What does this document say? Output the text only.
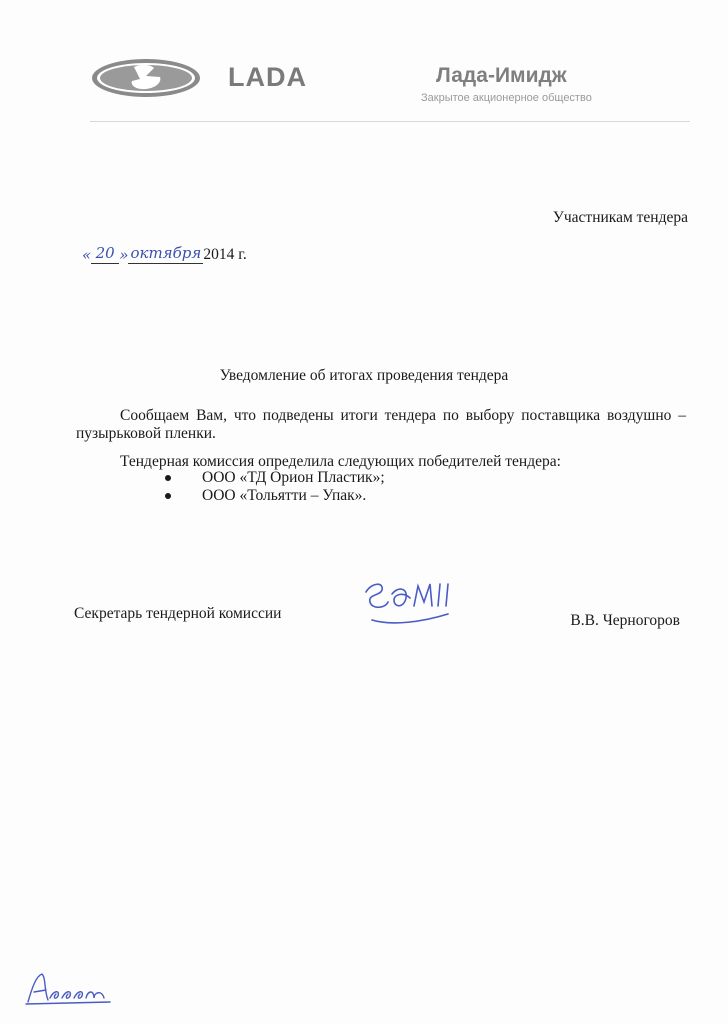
LADA	Лада-Имидж
Закрытое акционерное общество
Участникам тендера
« 20 » октября 2014 г.
Уведомление об итогах проведения тендера
Сообщаем Вам, что подведены итоги тендера по выбору поставщика воздушно – пузырьковой пленки.
Тендерная комиссия определила следующих победителей тендера:
ООО «ТД Орион Пластик»;
ООО «Тольятти – Упак».
Секретарь тендерной комиссии	В.В. Черногоров
